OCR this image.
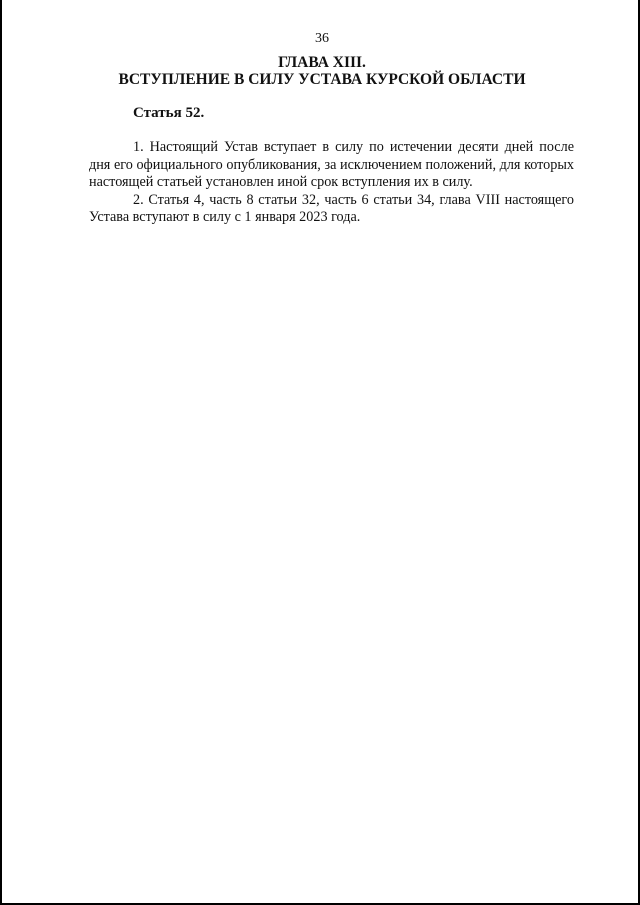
36
ГЛАВА XIII.
ВСТУПЛЕНИЕ В СИЛУ УСТАВА КУРСКОЙ ОБЛАСТИ
Статья 52.

1. Настоящий Устав вступает в силу по истечении десяти дней после дня его официального опубликования, за исключением положений, для которых настоящей статьей установлен иной срок вступления их в силу.

2. Статья 4, часть 8 статьи 32, часть 6 статьи 34, глава VIII настоящего Устава вступают в силу с 1 января 2023 года.
